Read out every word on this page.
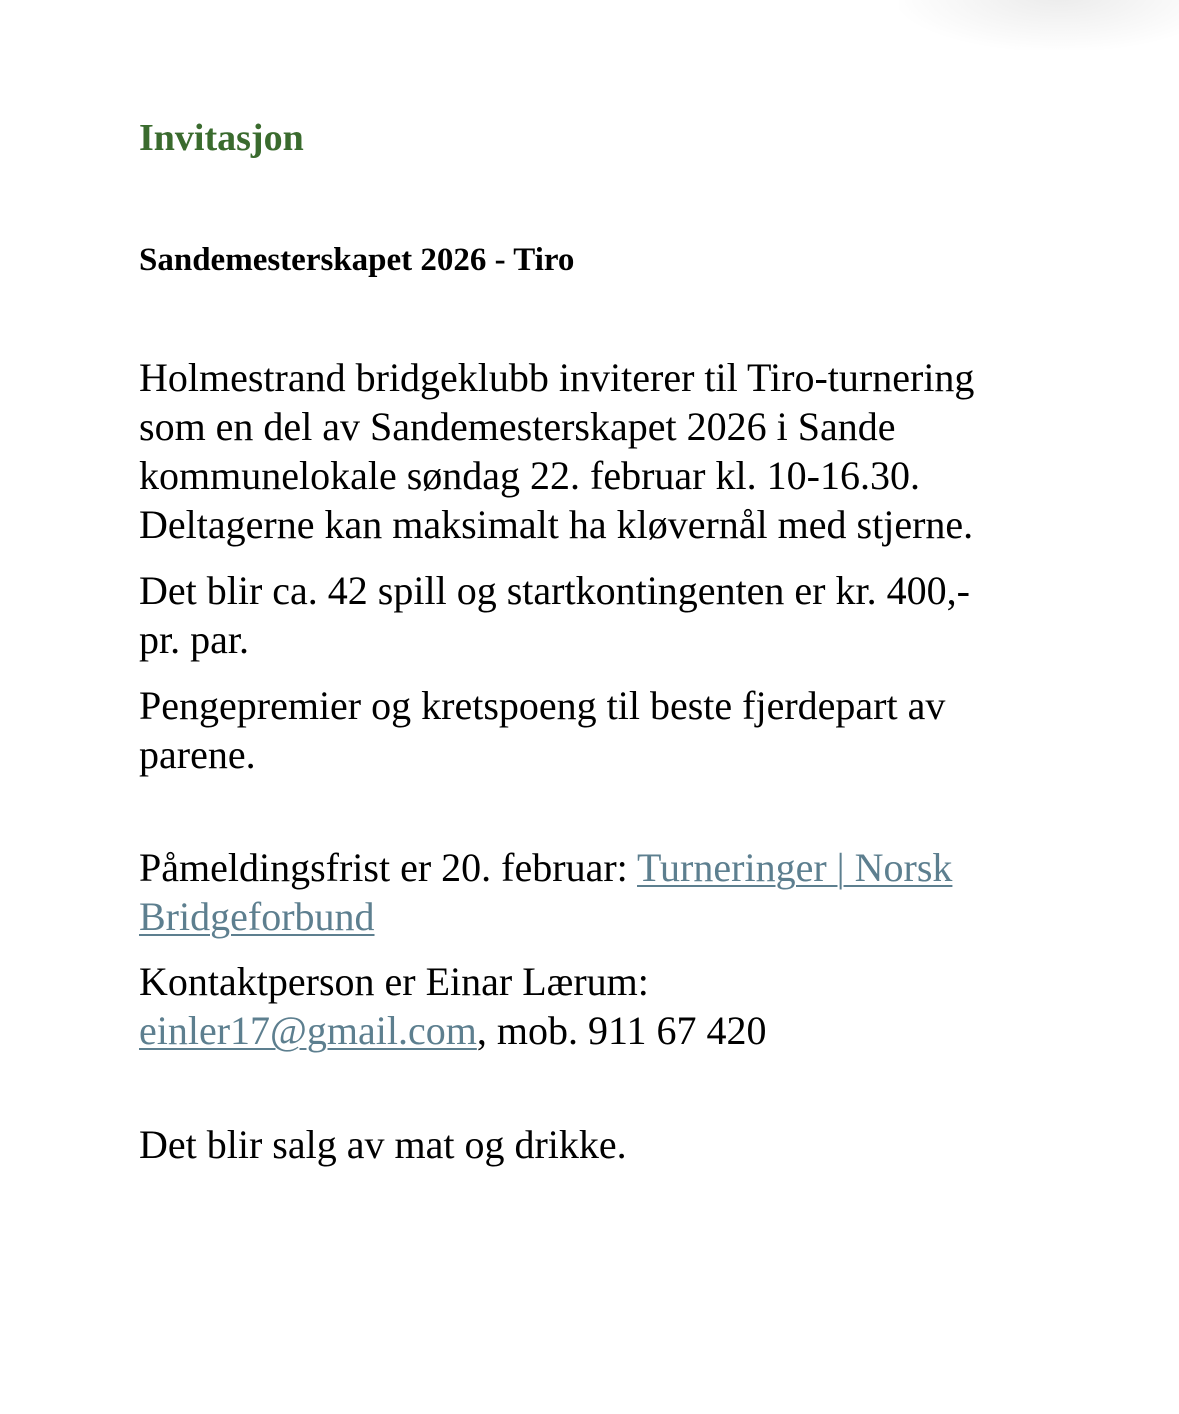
Invitasjon
Sandemesterskapet 2026 - Tiro

Holmestrand bridgeklubb inviterer til Tiro-turnering
som en del av Sandemesterskapet 2026 i Sande
kommunelokale søndag 22. februar kl. 10-16.30.
Deltagerne kan maksimalt ha kløvernål med stjerne.

Det blir ca. 42 spill og startkontingenten er kr. 400,-
pr. par.

Pengepremier og kretspoeng til beste fjerdepart av
parene.

Påmeldingsfrist er 20. februar: Turneringer | Norsk
Bridgeforbund

Kontaktperson er Einar Lærum:
einler17@gmail.com, mob. 911 67 420

Det blir salg av mat og drikke.
